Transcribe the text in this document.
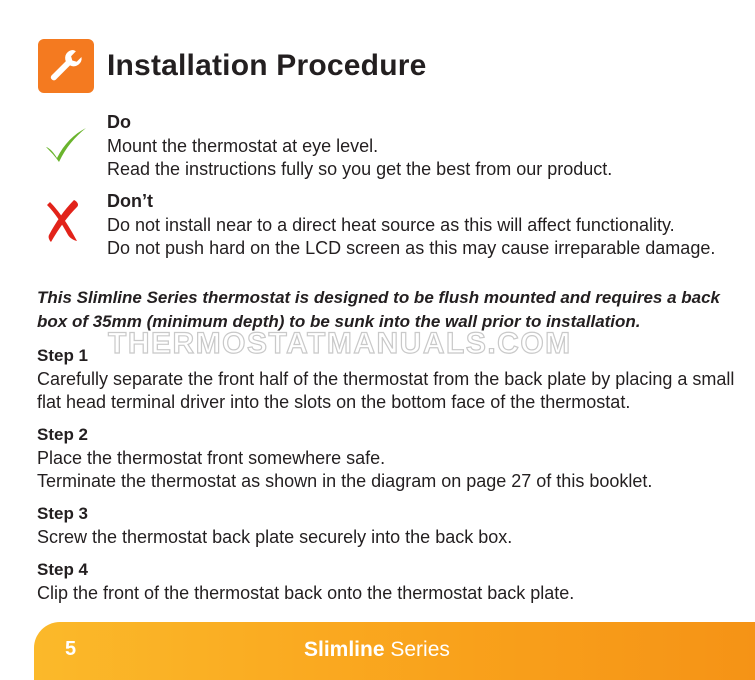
Installation Procedure
Do
Mount the thermostat at eye level.
Read the instructions fully so you get the best from our product.
Don’t
Do not install near to a direct heat source as this will affect functionality.
Do not push hard on the LCD screen as this may cause irreparable damage.
This Slimline Series thermostat is designed to be flush mounted and requires a back box of 35mm (minimum depth) to be sunk into the wall prior to installation.
THERMOSTATMANUALS.COM
Step 1
Carefully separate the front half of the thermostat from the back plate by placing a small flat head terminal driver into the slots on the bottom face of the thermostat.
Step 2
Place the thermostat front somewhere safe.
Terminate the thermostat as shown in the diagram on page 27 of this booklet.
Step 3
Screw the thermostat back plate securely into the back box.
Step 4
Clip the front of the thermostat back onto the thermostat back plate.
5	Slimline Series
